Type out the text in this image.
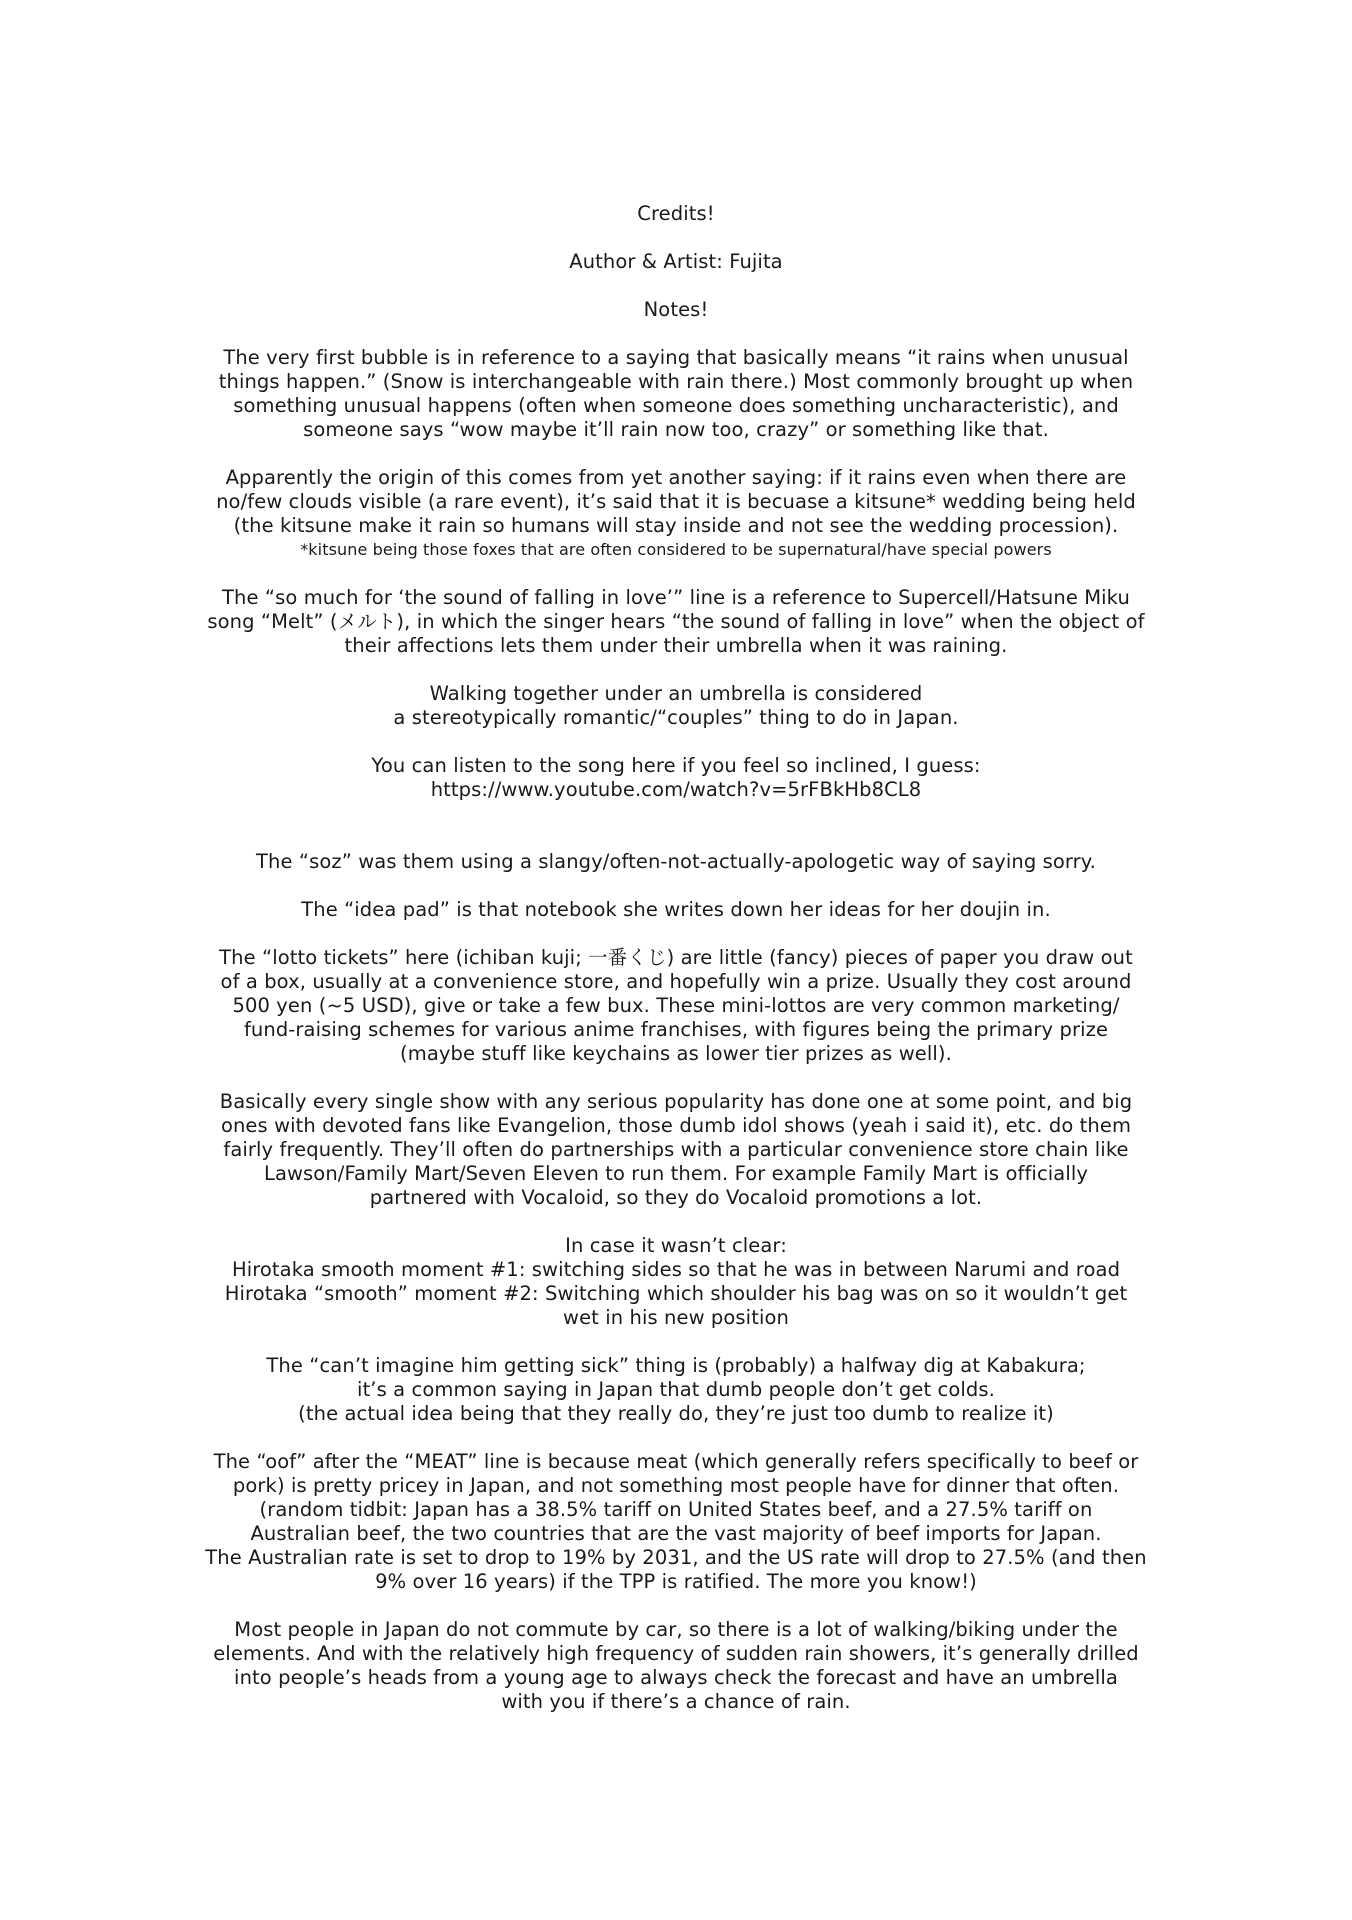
Credits!
Author & Artist: Fujita
Notes!
The very first bubble is in reference to a saying that basically means “it rains when unusual
things happen.” (Snow is interchangeable with rain there.) Most commonly brought up when
something unusual happens (often when someone does something uncharacteristic), and
someone says “wow maybe it’ll rain now too, crazy” or something like that.
Apparently the origin of this comes from yet another saying: if it rains even when there are
no/few clouds visible (a rare event), it’s said that it is becuase a kitsune* wedding being held
(the kitsune make it rain so humans will stay inside and not see the wedding procession).
*kitsune being those foxes that are often considered to be supernatural/have special powers
The “so much for ‘the sound of falling in love’” line is a reference to Supercell/Hatsune Miku
song “Melt” (メルト), in which the singer hears “the sound of falling in love” when the object of
their affections lets them under their umbrella when it was raining.
Walking together under an umbrella is considered
a stereotypically romantic/“couples” thing to do in Japan.
You can listen to the song here if you feel so inclined, I guess:
https://www.youtube.com/watch?v=5rFBkHb8CL8
The “soz” was them using a slangy/often-not-actually-apologetic way of saying sorry.
The “idea pad” is that notebook she writes down her ideas for her doujin in.
The “lotto tickets” here (ichiban kuji; 一番くじ) are little (fancy) pieces of paper you draw out
of a box, usually at a convenience store, and hopefully win a prize. Usually they cost around
500 yen (~5 USD), give or take a few bux. These mini-lottos are very common marketing/
fund-raising schemes for various anime franchises, with figures being the primary prize
(maybe stuff like keychains as lower tier prizes as well).
Basically every single show with any serious popularity has done one at some point, and big
ones with devoted fans like Evangelion, those dumb idol shows (yeah i said it), etc. do them
fairly frequently. They’ll often do partnerships with a particular convenience store chain like
Lawson/Family Mart/Seven Eleven to run them. For example Family Mart is officially
partnered with Vocaloid, so they do Vocaloid promotions a lot.
In case it wasn’t clear:
Hirotaka smooth moment #1: switching sides so that he was in between Narumi and road
Hirotaka “smooth” moment #2: Switching which shoulder his bag was on so it wouldn’t get
wet in his new position
The “can’t imagine him getting sick” thing is (probably) a halfway dig at Kabakura;
it’s a common saying in Japan that dumb people don’t get colds.
(the actual idea being that they really do, they’re just too dumb to realize it)
The “oof” after the “MEAT” line is because meat (which generally refers specifically to beef or
pork) is pretty pricey in Japan, and not something most people have for dinner that often.
(random tidbit: Japan has a 38.5% tariff on United States beef, and a 27.5% tariff on
Australian beef, the two countries that are the vast majority of beef imports for Japan.
The Australian rate is set to drop to 19% by 2031, and the US rate will drop to 27.5% (and then
9% over 16 years) if the TPP is ratified. The more you know!)
Most people in Japan do not commute by car, so there is a lot of walking/biking under the
elements. And with the relatively high frequency of sudden rain showers, it’s generally drilled
into people’s heads from a young age to always check the forecast and have an umbrella
with you if there’s a chance of rain.
